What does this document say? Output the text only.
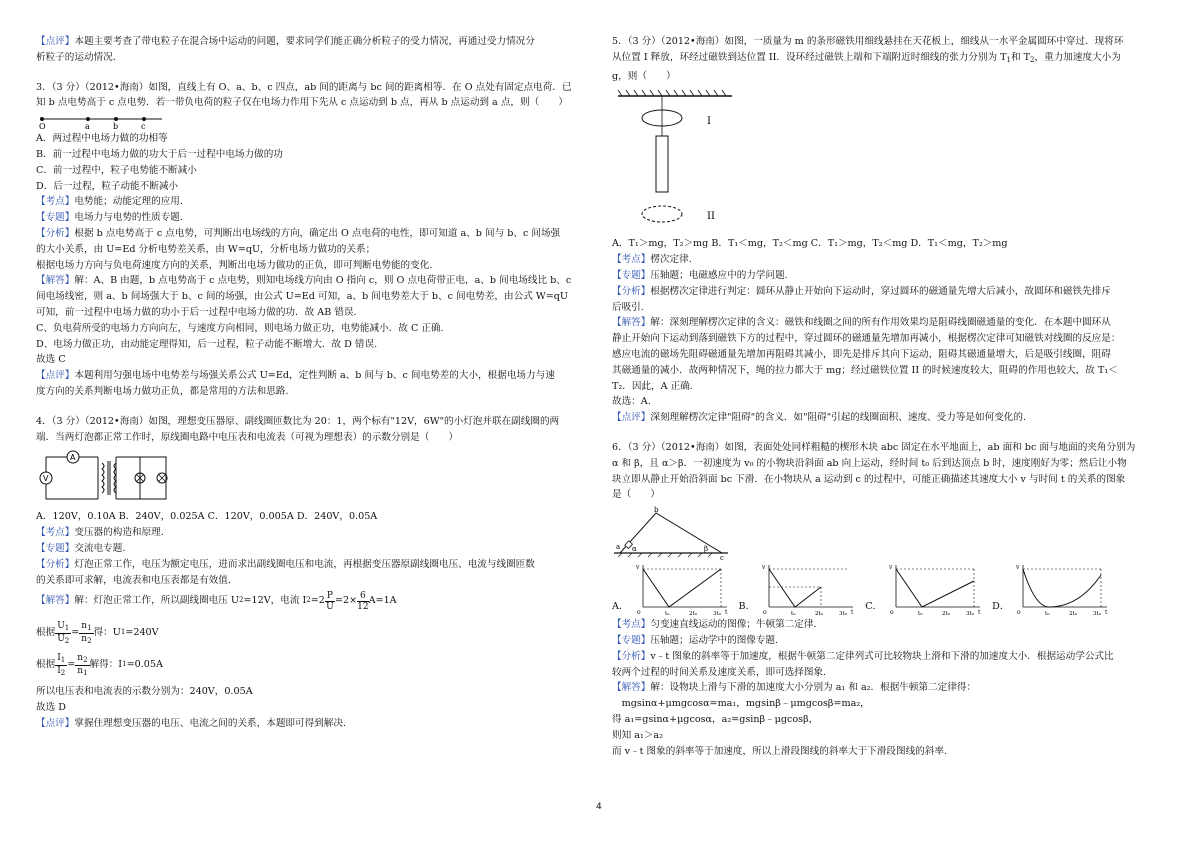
【点评】本题主要考查了带电粒子在混合场中运动的问题，要求同学们能正确分析粒子的受力情况，再通过受力情况分

析粒子的运动情况.

3．（3 分）（2012•海南）如图，直线上有 O、a、b、c 四点，ab 间的距离与 bc 间的距离相等．在 O 点处有固定点电荷．已

知 b 点电势高于 c 点电势．若一带负电荷的粒子仅在电场力作用下先从 c 点运动到 b 点，再从 b 点运动到 a 点，则（　　）

O	a	b	c

A．两过程中电场力做的功相等

B．前一过程中电场力做的功大于后一过程中电场力做的功

C．前一过程中，粒子电势能不断减小

D．后一过程，粒子动能不断减小

【考点】电势能；动能定理的应用.

【专题】电场力与电势的性质专题.

【分析】根据 b 点电势高于 c 点电势，可判断出电场线的方向，确定出 O 点电荷的电性，即可知道 a、b 间与 b、c 间场强

的大小关系，由 U=Ed 分析电势差关系，由 W=qU，分析电场力做功的关系；

根据电场力方向与负电荷速度方向的关系，判断出电场力做功的正负，即可判断电势能的变化.

【解答】解：A、B 由题，b 点电势高于 c 点电势，则知电场线方向由 O 指向 c，则 O 点电荷带正电，a、b 间电场线比 b、c

间电场线密，则 a、b 间场强大于 b、c 间的场强，由公式 U=Ed 可知，a、b 间电势差大于 b、c 间电势差，由公式 W=qU

可知，前一过程中电场力做的功小于后一过程中电场力做的功．故 AB 错误.

C、负电荷所受的电场力方向向左，与速度方向相同，则电场力做正功，电势能减小．故 C 正确.

D、电场力做正功，由动能定理得知，后一过程，粒子动能不断增大．故 D 错误.

故选 C

【点评】本题利用匀强电场中电势差与场强关系公式 U=Ed，定性判断 a、b 间与 b、c 间电势差的大小，根据电场力与速

度方向的关系判断电场力做功正负，都是常用的方法和思路.

4．（3 分）（2012•海南）如图，理想变压器原、副线圈匝数比为 20：1，两个标有"12V，6W"的小灯泡并联在副线圈的两

端．当两灯泡都正常工作时，原线圈电路中电压表和电流表（可视为理想表）的示数分别是（　　）

A
V

A．120V，0.10A B．240V，0.025A C．120V，0.005A D．240V，0.05A

【考点】变压器的构造和原理.

【专题】交流电专题.

【分析】灯泡正常工作，电压为额定电压，进而求出副线圈电压和电流，再根据变压器原副线圈电压、电流与线圈匝数

的关系即可求解，电流表和电压表都是有效值.

【解答】 解：灯泡正常工作，所以副线圈电压 U 2 =12V，电流 I $2 =2 \frac{P}{U} =2\times \frac{6}{12} A=1A$
根据 $\frac{U_1}{U_2} = \frac{n_1}{n_2}$ 得：U 1 =240V
根据 $\frac{I_1}{I_2} = \frac{n_2}{n_1}$ 解得：I 1 =0.05A

所以电压表和电流表的示数分别为：240V，0.05A

故选 D

【点评】掌握住理想变压器的电压、电流之间的关系，本题即可得到解决.

5．（3 分）（2012•海南）如图，一质量为 m 的条形磁铁用细线悬挂在天花板上，细线从一水平金属圆环中穿过．现将环

从位置 I 释放，环经过磁铁到达位置 II．设环经过磁铁上端和下端附近时细线的张力分别为 $T_1$和 $T_2$，重力加速度大小为

g，则（　　）

I
II

A．T₁＞mg，T₂＞mg B．T₁＜mg，T₂＜mg C．T₁＞mg，T₂＜mg D．T₁＜mg，T₂＞mg

【考点】楞次定律.

【专题】压轴题；电磁感应中的力学问题.

【分析】根据楞次定律进行判定：圆环从静止开始向下运动时，穿过圆环的磁通量先增大后减小，故圆环和磁铁先排斥

后吸引.

【解答】解：深刻理解楞次定律的含义：磁铁和线圈之间的所有作用效果均是阻碍线圈磁通量的变化．在本题中圆环从

静止开始向下运动到落到磁铁下方的过程中，穿过圆环的磁通量先增加再减小，根据楞次定律可知磁铁对线圈的反应是：

感应电流的磁场先阻碍磁通量先增加再阻碍其减小，即先是排斥其向下运动，阻碍其磁通量增大，后是吸引线圈，阻碍

其磁通量的减小．故两种情况下，绳的拉力都大于 mg；经过磁铁位置 II 的时候速度较大，阻碍的作用也较大，故 T₁＜

T₂．因此，A 正确.

故选：A.

【点评】深刻理解楞次定律"阻碍"的含义．如"阻碍"引起的线圈面积、速度、受力等是如何变化的.

6．（3 分）（2012•海南）如图，表面处处同样粗糙的楔形木块 abc 固定在水平地面上，ab 面和 bc 面与地面的夹角分别为

α 和 β，且 α＞β．一初速度为 v₀ 的小物块沿斜面 ab 向上运动，经时间 t₀ 后到达顶点 b 时，速度刚好为零；然后让小物

块立即从静止开始沿斜面 bc 下滑．在小物块从 a 运动到 c 的过程中，可能正确描述其速度大小 v 与时间 t 的关系的图象

是（　　）

a
b
c
α	β
A．
v
t
o	t₀	2t₀	3t₀
B．
v
t
o	t₀	2t₀	3t₀
C．
v
t
o	t₀	2t₀	3t₀
D．
v
t
o	t₀	2t₀	3t₀

【考点】匀变速直线运动的图像；牛顿第二定律.

【专题】压轴题；运动学中的图像专题.

【分析】v﹣t 图象的斜率等于加速度，根据牛顿第二定律列式可比较物块上滑和下滑的加速度大小．根据运动学公式比

较两个过程的时间关系及速度关系，即可选择图象.

【解答】解：设物块上滑与下滑的加速度大小分别为 a₁ 和 a₂．根据牛顿第二定律得：

　mgsinα+μmgcosα=ma₁，mgsinβ﹣μmgcosβ=ma₂，

得 a₁=gsinα+μgcosα，a₂=gsinβ﹣μgcosβ，

则知 a₁＞a₂

而 v﹣t 图象的斜率等于加速度，所以上滑段图线的斜率大于下滑段图线的斜率.

4
